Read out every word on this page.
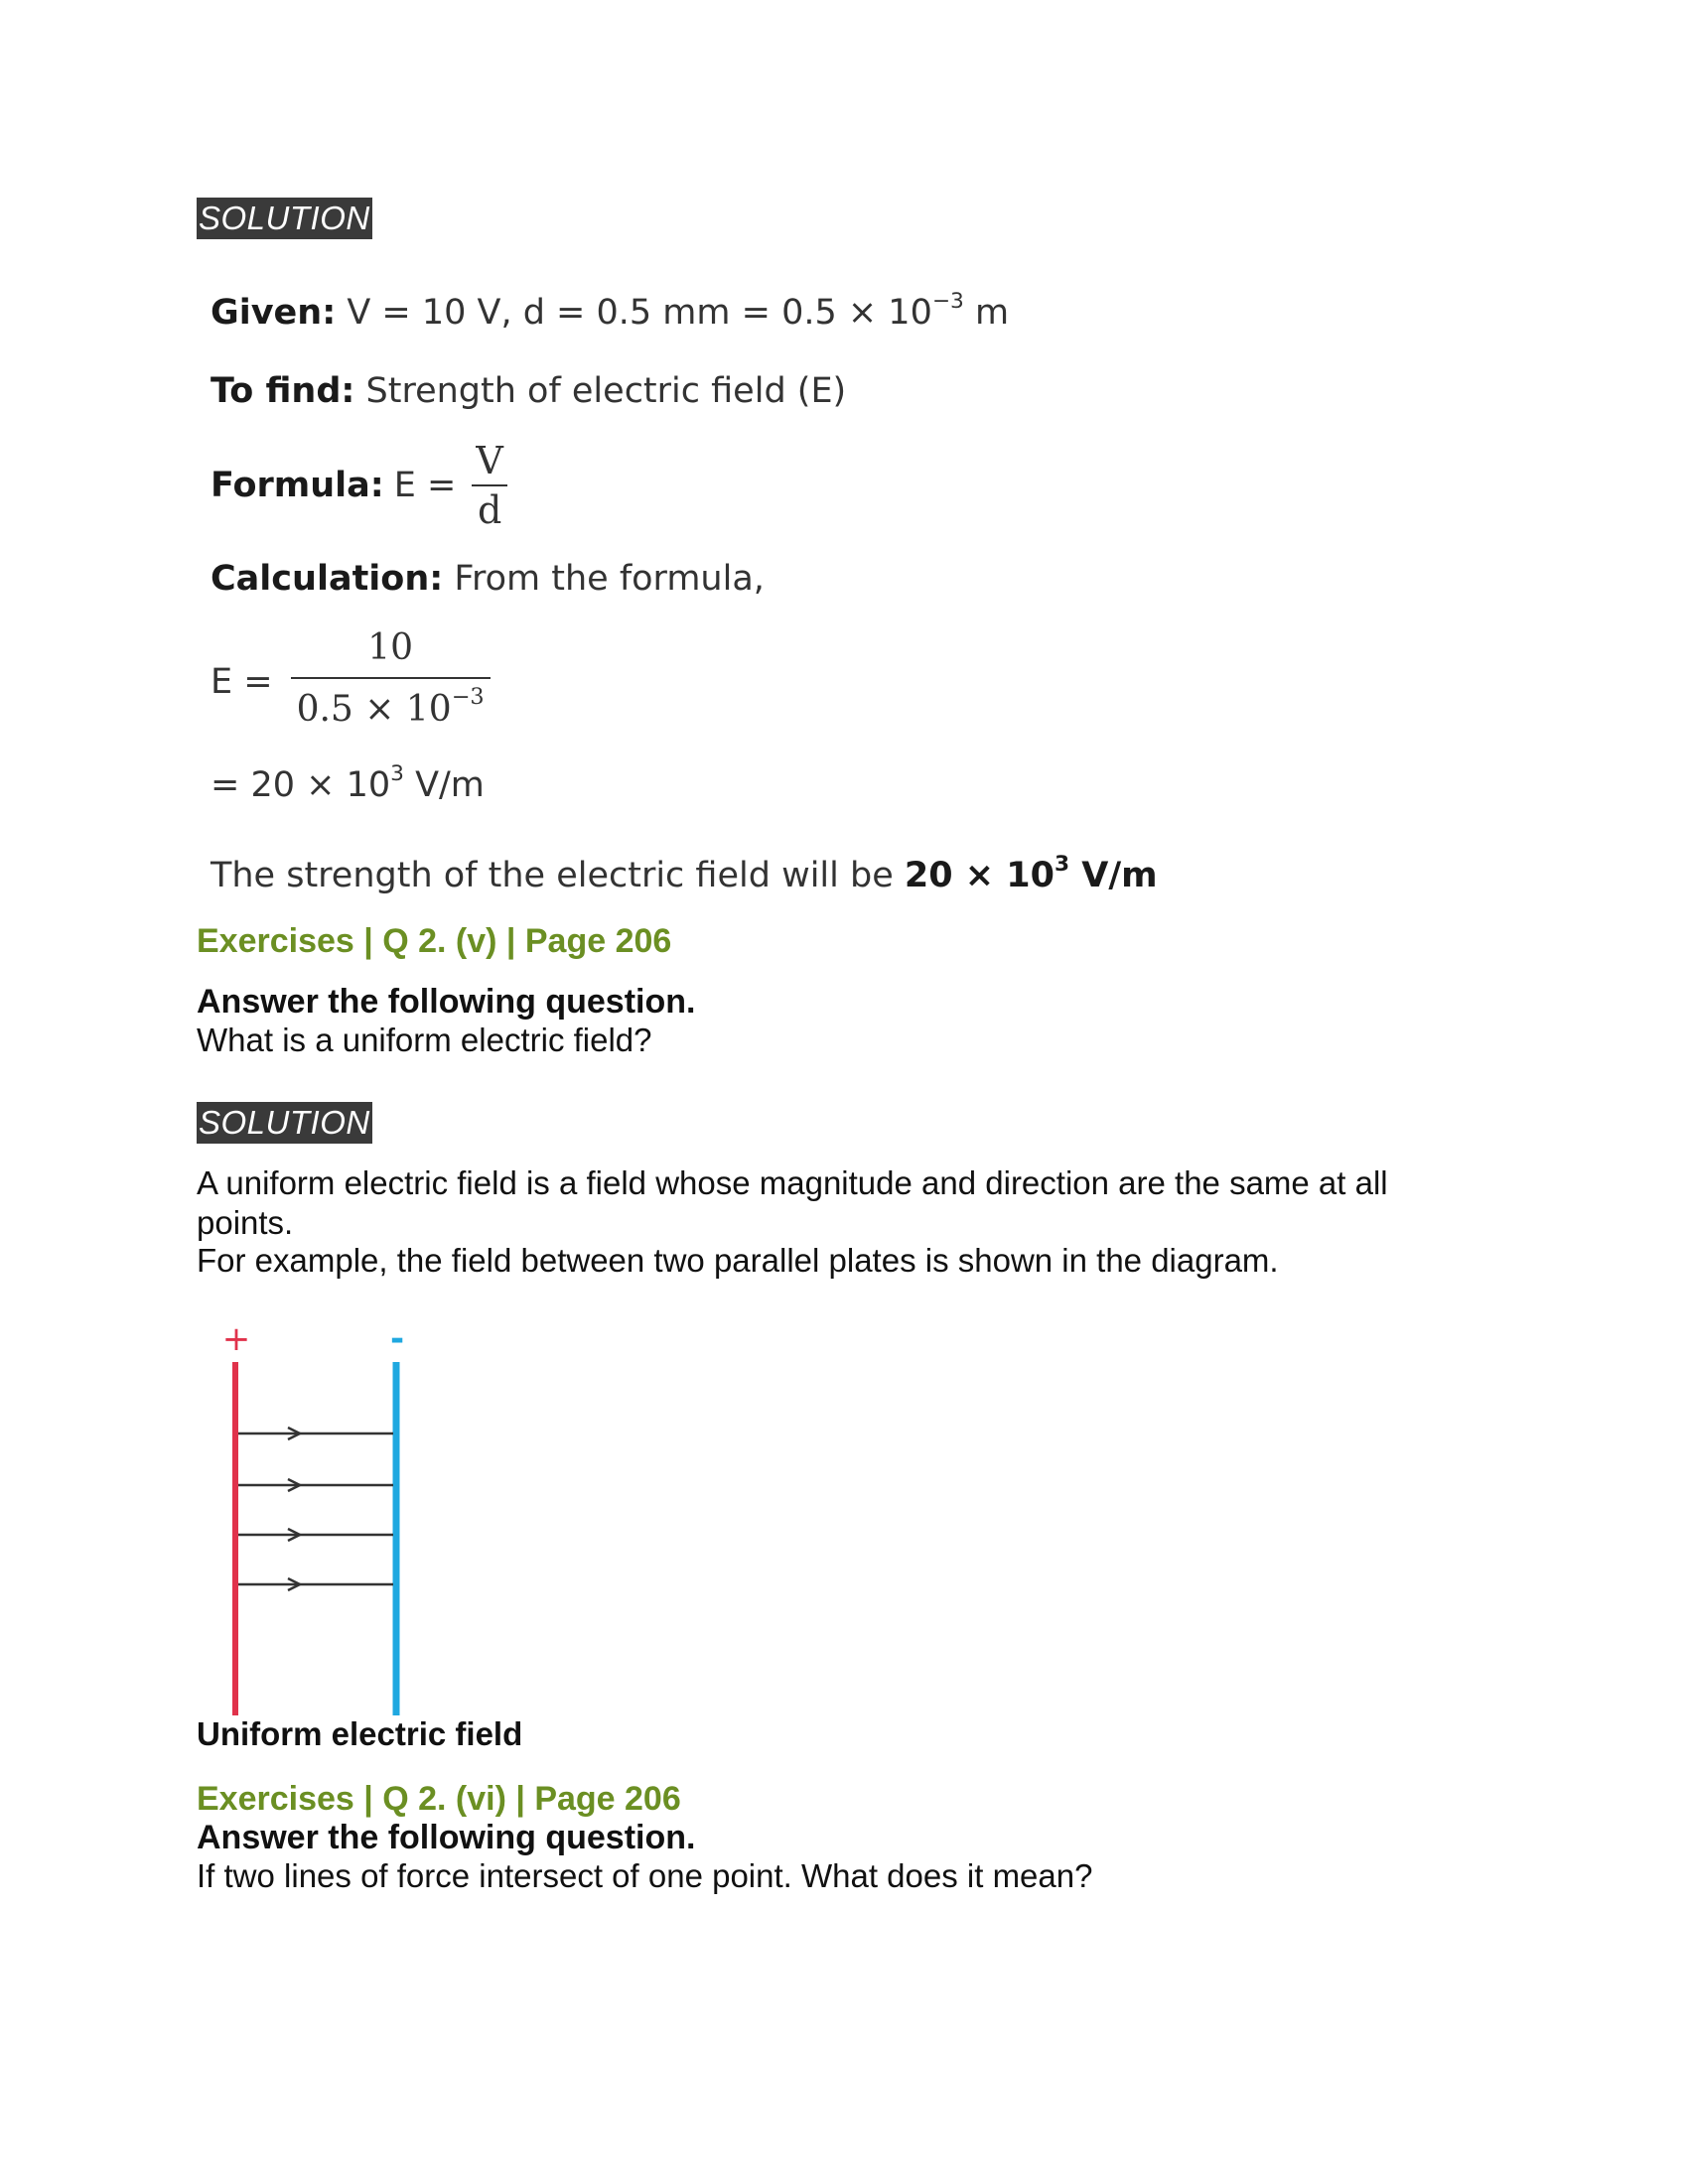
SOLUTION
Given: V = 10 V, d = 0.5 mm = $0.5 \times 10^{-3}$ m
To find: Strength of electric field (E)
Formula: $E = \frac{V}{d}$
Calculation: From the formula,
$E = \frac{10}{0.5 \times 10^{-3}}$
= $20 \times 10^3$ V/m
The strength of the electric field will be $20 \times 10^3$ V/m
Exercises | Q 2. (v) | Page 206
Answer the following question.
What is a uniform electric field?
SOLUTION
A uniform electric field is a field whose magnitude and direction are the same at all points.
For example, the field between two parallel plates is shown in the diagram.
+	-
Uniform electric field
Exercises | Q 2. (vi) | Page 206
Answer the following question.
If two lines of force intersect of one point. What does it mean?
